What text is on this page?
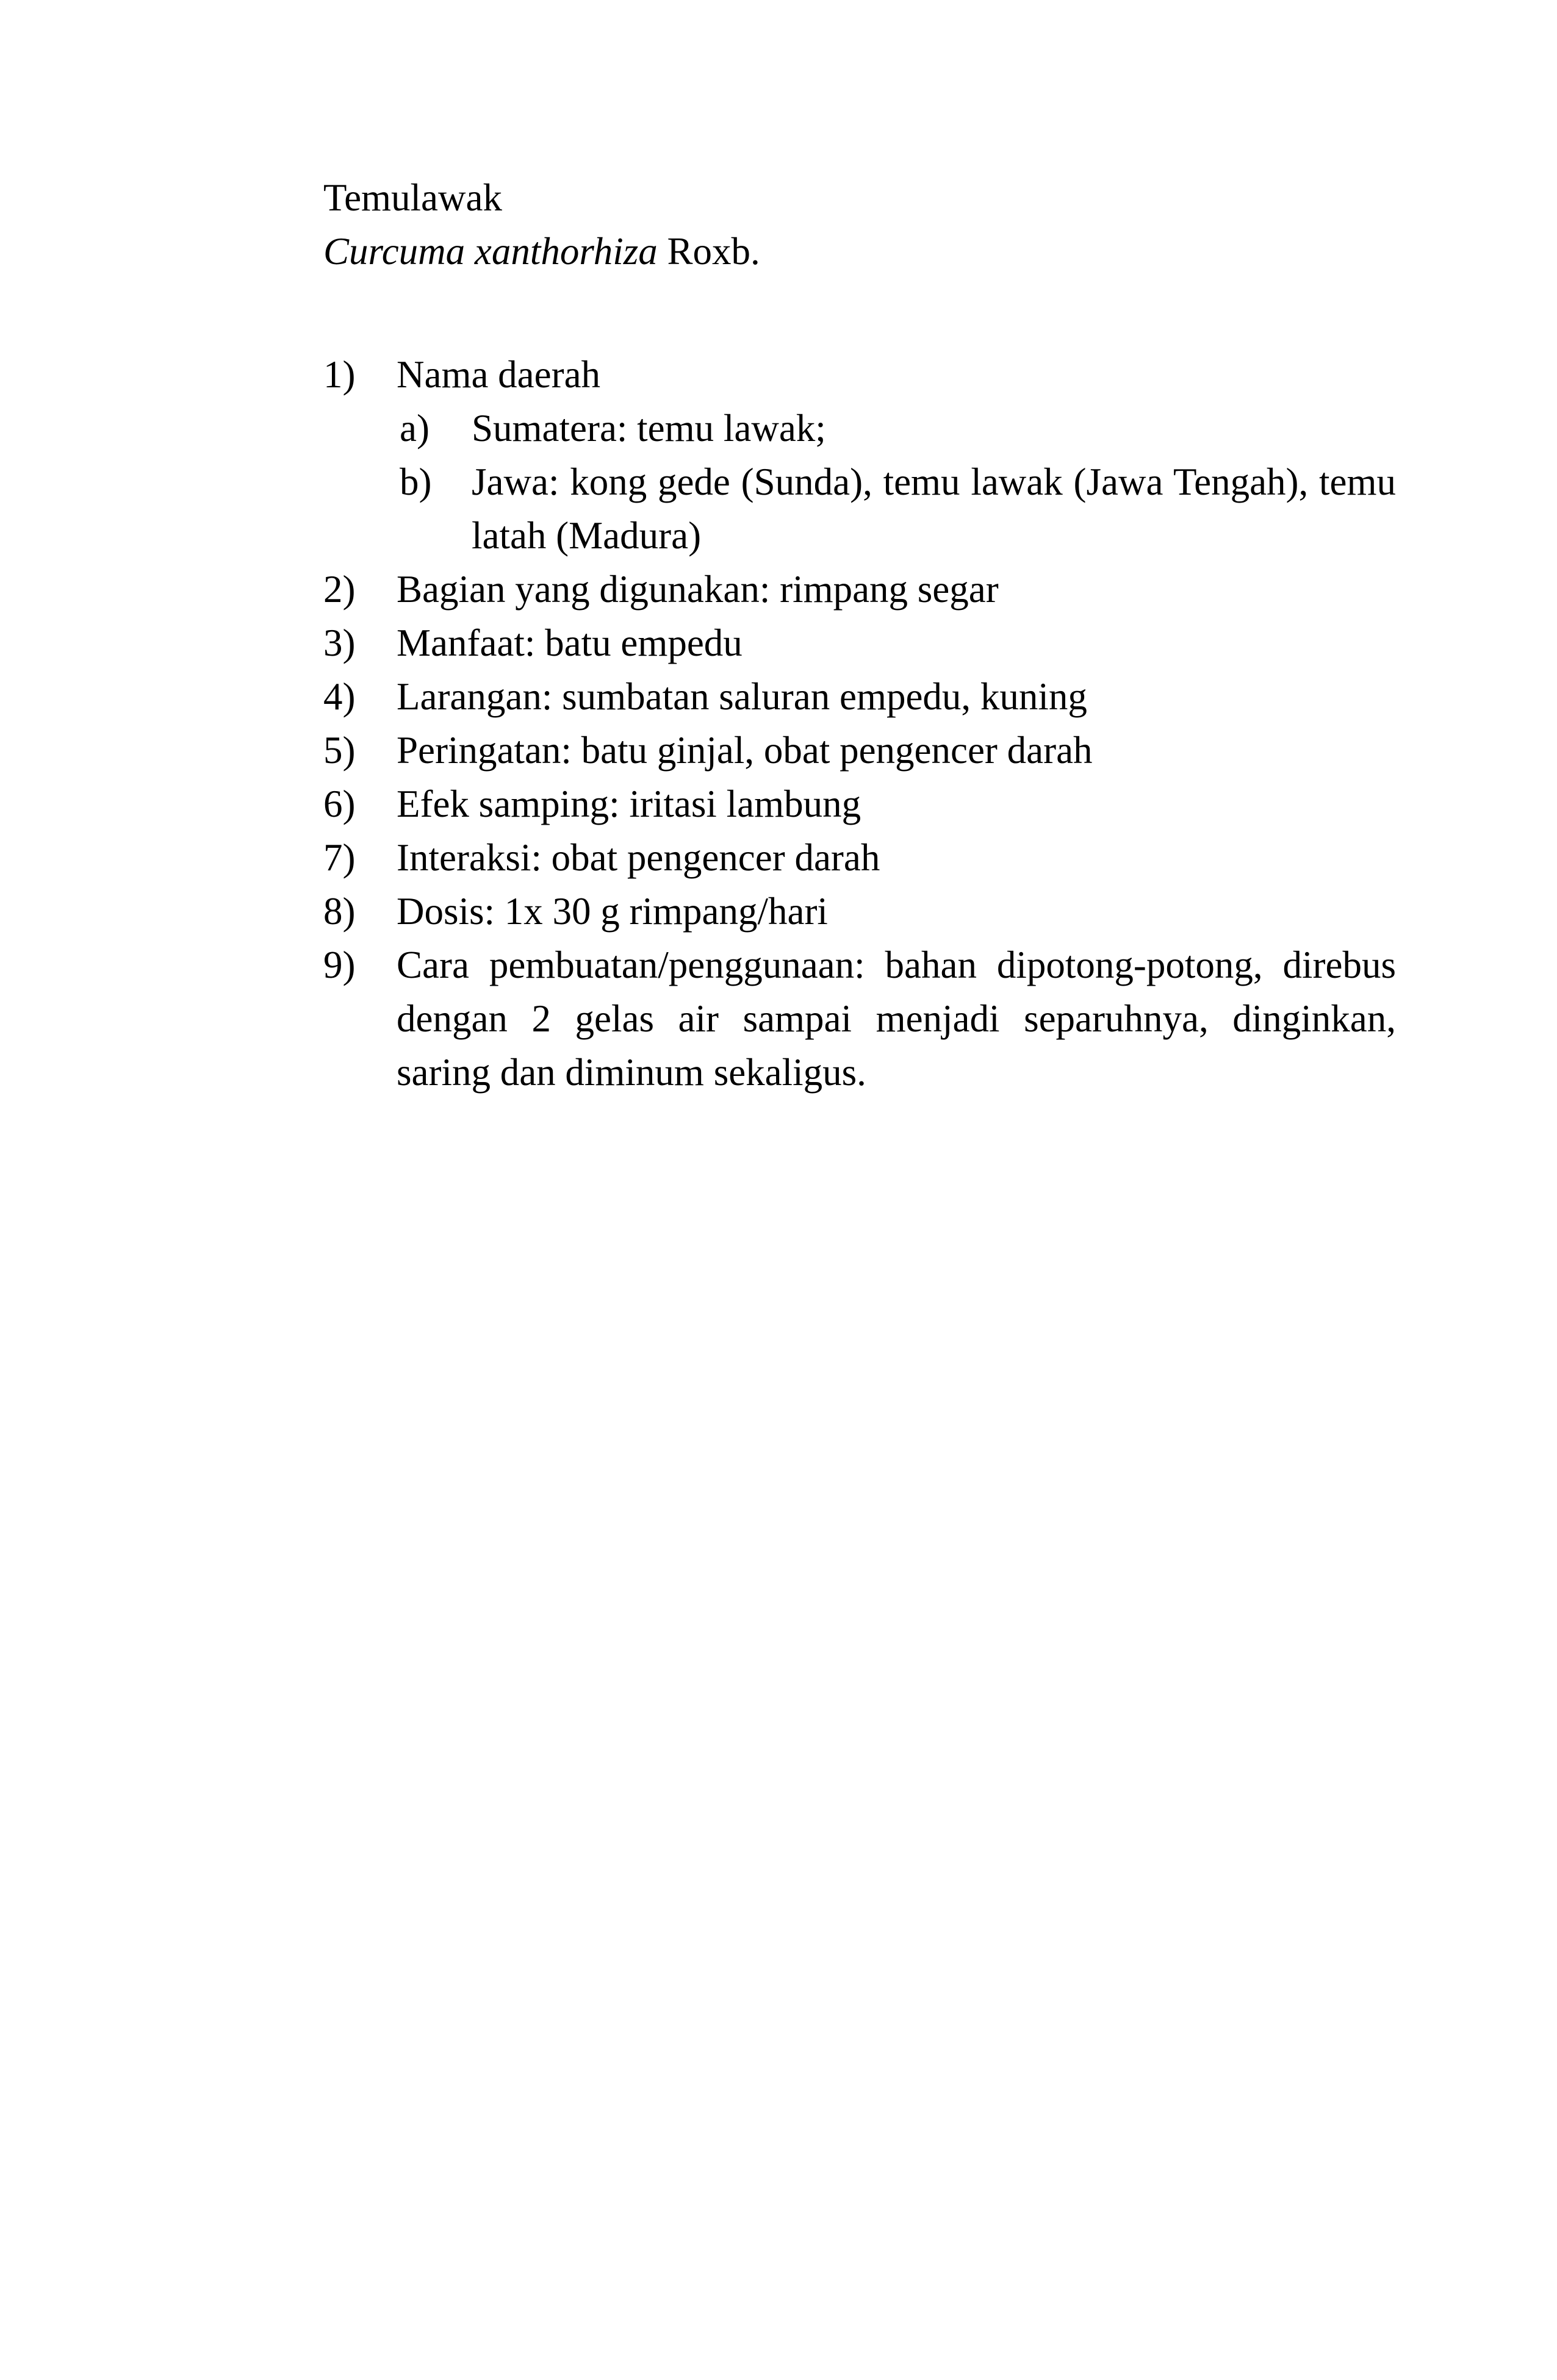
Temulawak

Curcuma xanthorhiza Roxb.

1)	Nama daerah
a)	Sumatera: temu lawak;
b)	Jawa: kong gede (Sunda), temu lawak (Jawa Tengah), temu latah (Madura)
2)	Bagian yang digunakan: rimpang segar
3)	Manfaat: batu empedu
4)	Larangan: sumbatan saluran empedu, kuning
5)	Peringatan: batu ginjal, obat pengencer darah
6)	Efek samping: iritasi lambung
7)	Interaksi: obat pengencer darah
8)	Dosis: 1x 30 g rimpang/hari
9)	Cara pembuatan/penggunaan: bahan dipotong-potong, direbus dengan 2 gelas air sampai menjadi separuhnya, dinginkan, saring dan diminum sekaligus.
